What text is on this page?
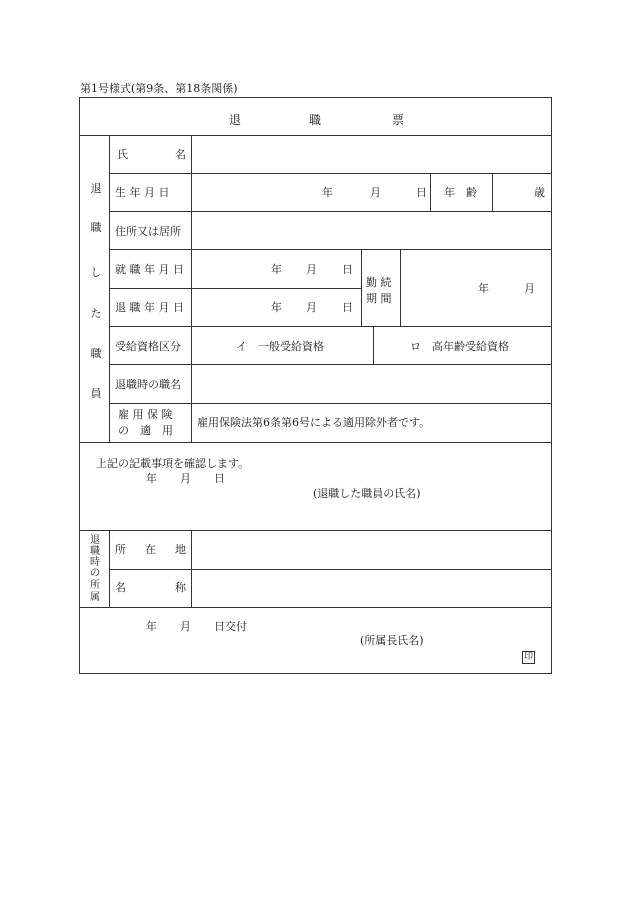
第1号様式(第9条、第18条関係)
退	職	票
退
職
し
た
職
員
氏	名
生 年 月 日	年	月	日 年　齢	歳
住所又は居所
就 職 年 月 日	年 月 日
退 職 年 月 日	年 月 日
勤 続
期 間
年	月
受給資格区分	イ　一般受給資格	ロ　高年齢受給資格
退職時の職名
雇 用 保 険
の　適　用
雇用保険法第6条第6号による適用除外者です。
上記の記載事項を確認します。
年 月 日
(退職した職員の氏名)
退
職
時
の
所
属
所 在 地
名	称
年 月 日交付
(所属長氏名)
印
